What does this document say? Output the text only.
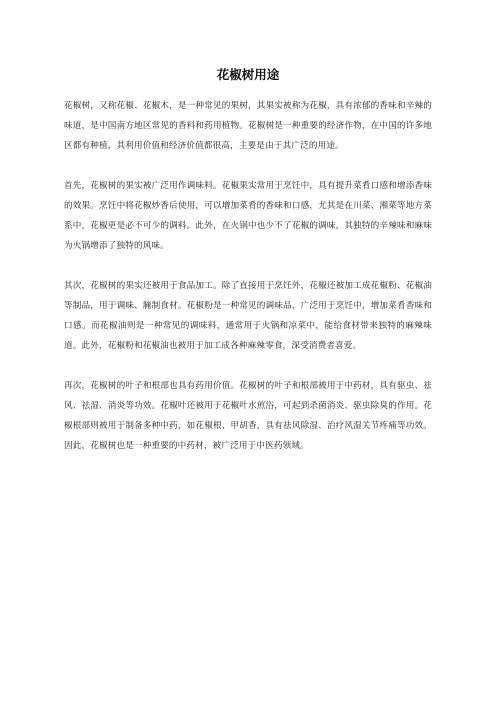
花椒树用途

花椒树，又称花椒、花椒木，是一种常见的果树，其果实被称为花椒，具有浓郁的香味和辛辣的味道，是中国南方地区常见的香料和药用植物。花椒树是一种重要的经济作物，在中国的许多地区都有种植，其利用价值和经济价值都很高，主要是由于其广泛的用途。

首先，花椒树的果实被广泛用作调味料。花椒果实常用于烹饪中，具有提升菜肴口感和增添香味的效果。烹饪中将花椒炒香后使用，可以增加菜肴的香味和口感，尤其是在川菜、湘菜等地方菜系中，花椒更是必不可少的调料。此外，在火锅中也少不了花椒的调味，其独特的辛辣味和麻味为火锅增添了独特的风味。

其次，花椒树的果实还被用于食品加工。除了直接用于烹饪外，花椒还被加工成花椒粉、花椒油等制品，用于调味、腌制食材。花椒粉是一种常见的调味品，广泛用于烹饪中，增加菜肴香味和口感。而花椒油则是一种常见的调味料，通常用于火锅和凉菜中，能给食材带来独特的麻辣味道。此外，花椒粉和花椒油也被用于加工成各种麻辣零食，深受消费者喜爱。

再次，花椒树的叶子和根部也具有药用价值。花椒树的叶子和根部被用于中药材，具有驱虫、祛风、祛湿、消炎等功效。花椒叶还被用于花椒叶水煎浴，可起到杀菌消炎、驱虫除臭的作用。花椒根部则被用于制备多种中药，如花椒根、甲胡香，具有祛风除湿、治疗风湿关节疼痛等功效。因此，花椒树也是一种重要的中药材，被广泛用于中医药领域。
